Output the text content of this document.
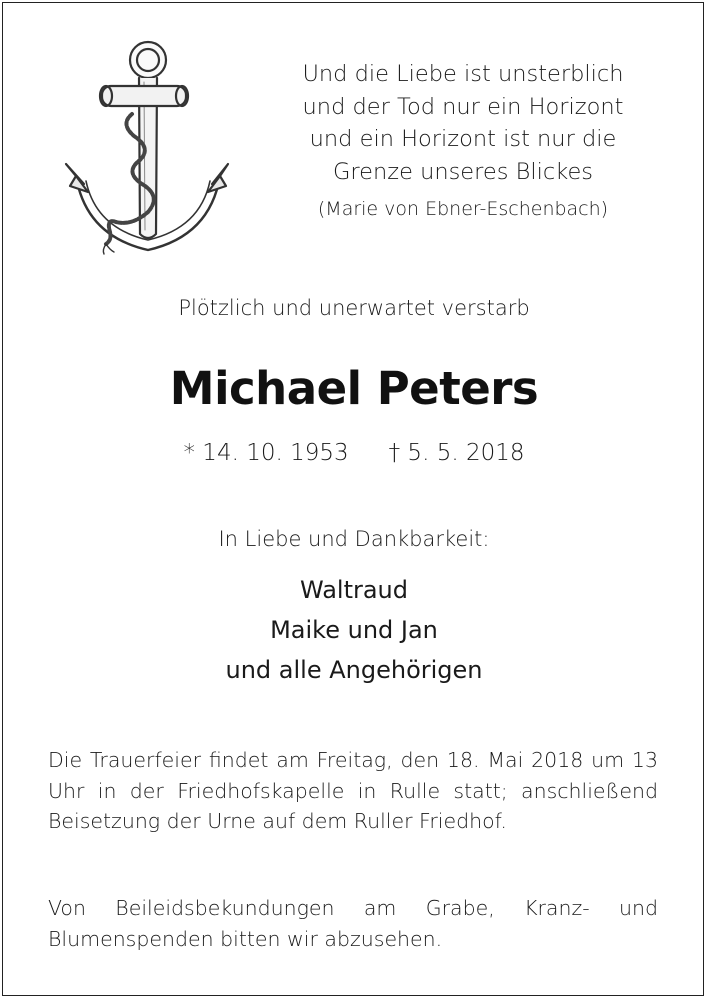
Und die Liebe ist unsterblich
und der Tod nur ein Horizont
und ein Horizont ist nur die
Grenze unseres Blickes
(Marie von Ebner-Eschenbach)
Plötzlich und unerwartet verstarb
Michael Peters
* 14. 10. 1953 † 5. 5. 2018
In Liebe und Dankbarkeit:
Waltraud
Maike und Jan
und alle Angehörigen
Die Trauerfeier findet am Freitag, den 18. Mai 2018 um 13 Uhr in der Friedhofskapelle in Rulle statt; anschließend Beisetzung der Urne auf dem Ruller Friedhof.
Von Beileidsbekundungen am Grabe, Kranz- und Blumenspenden bitten wir abzusehen.
